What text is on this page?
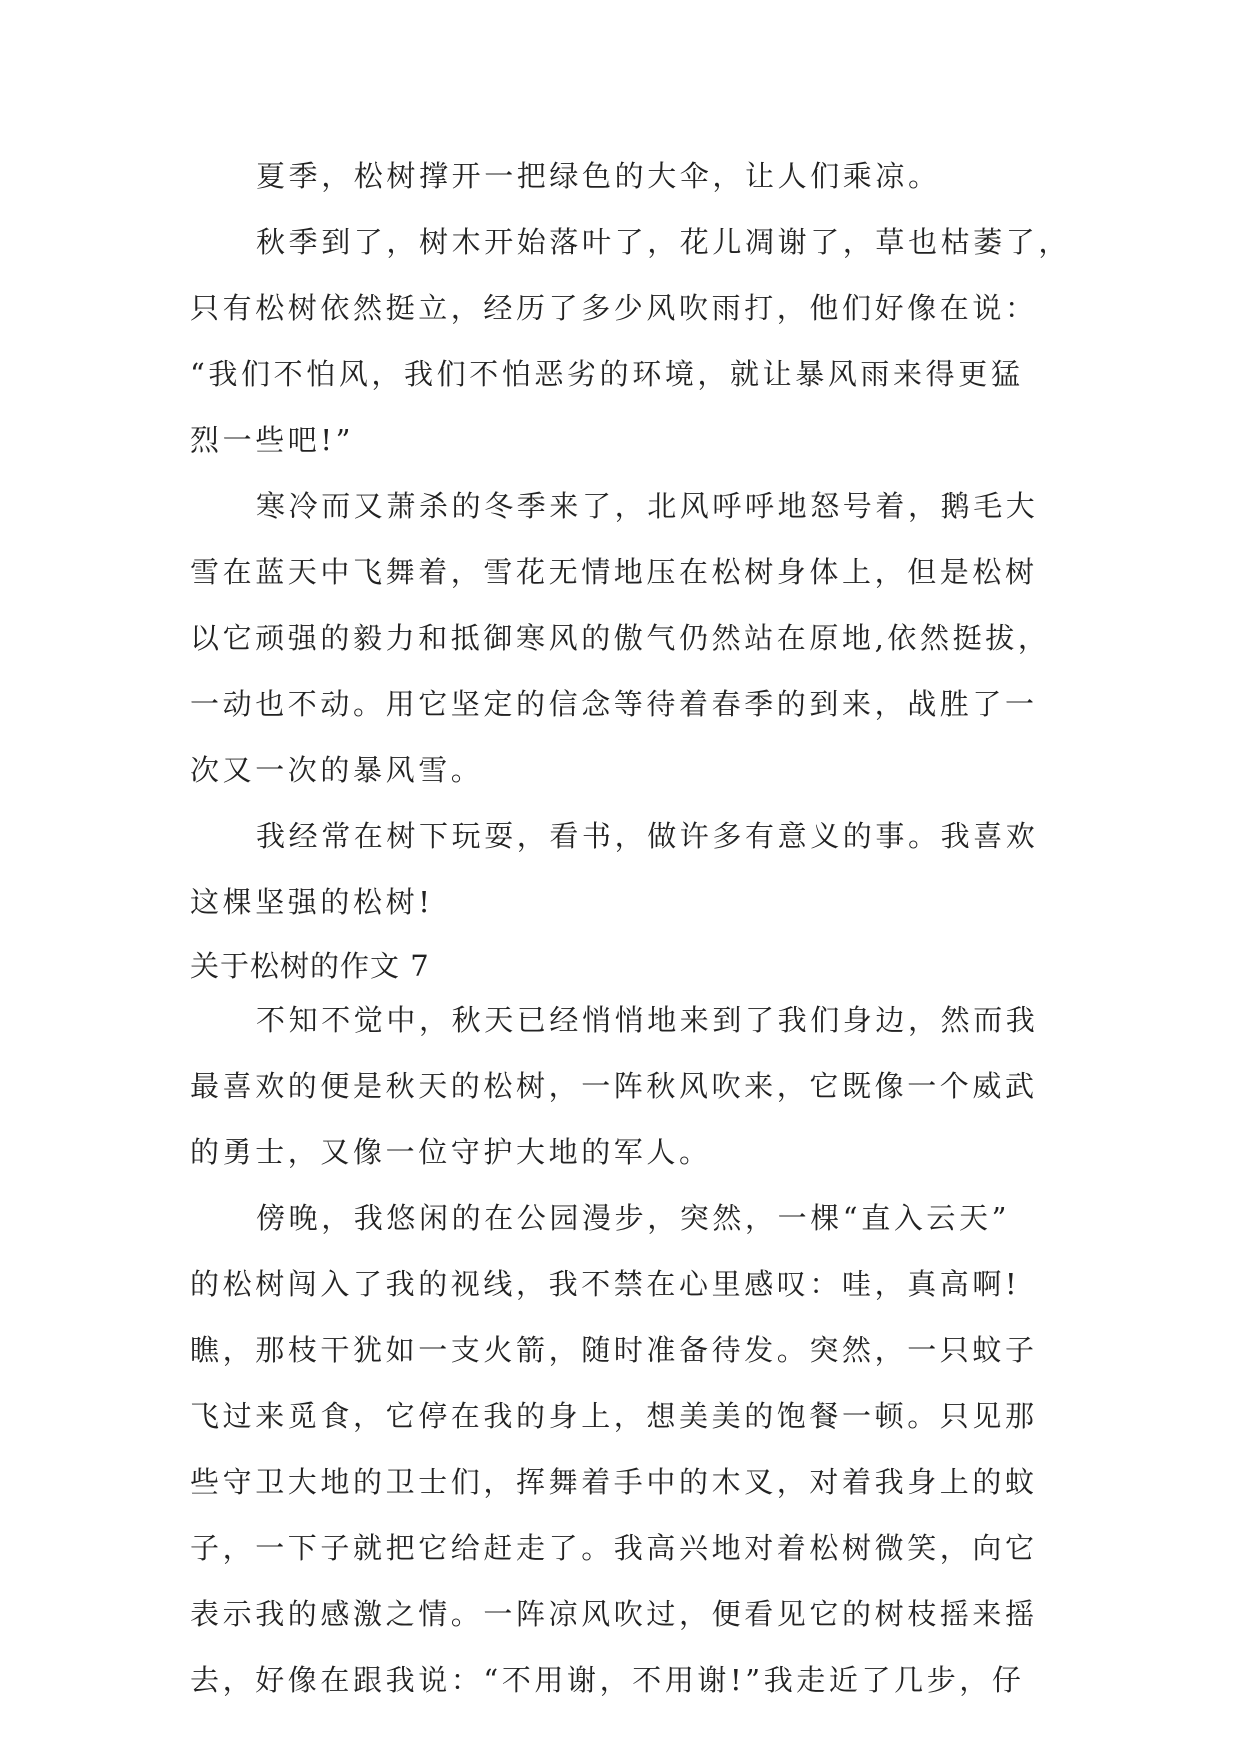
夏季，松树撑开一把绿色的大伞，让人们乘凉。
秋季到了，树木开始落叶了，花儿凋谢了，草也枯萎了，
只有松树依然挺立，经历了多少风吹雨打，他们好像在说：
“我们不怕风，我们不怕恶劣的环境，就让暴风雨来得更猛
烈一些吧!”
寒冷而又萧杀的冬季来了，北风呼呼地怒号着，鹅毛大
雪在蓝天中飞舞着，雪花无情地压在松树身体上，但是松树
以它顽强的毅力和抵御寒风的傲气仍然站在原地,依然挺拔，
一动也不动。用它坚定的信念等待着春季的到来，战胜了一
次又一次的暴风雪。
我经常在树下玩耍，看书，做许多有意义的事。我喜欢
这棵坚强的松树!
关于松树的作文 7
不知不觉中，秋天已经悄悄地来到了我们身边，然而我
最喜欢的便是秋天的松树，一阵秋风吹来，它既像一个威武
的勇士，又像一位守护大地的军人。
傍晚，我悠闲的在公园漫步，突然，一棵“直入云天”
的松树闯入了我的视线，我不禁在心里感叹：哇，真高啊!
瞧，那枝干犹如一支火箭，随时准备待发。突然，一只蚊子
飞过来觅食，它停在我的身上，想美美的饱餐一顿。只见那
些守卫大地的卫士们，挥舞着手中的木叉，对着我身上的蚊
子，一下子就把它给赶走了。我高兴地对着松树微笑，向它
表示我的感激之情。一阵凉风吹过，便看见它的树枝摇来摇
去，好像在跟我说：“不用谢，不用谢!”我走近了几步，仔
